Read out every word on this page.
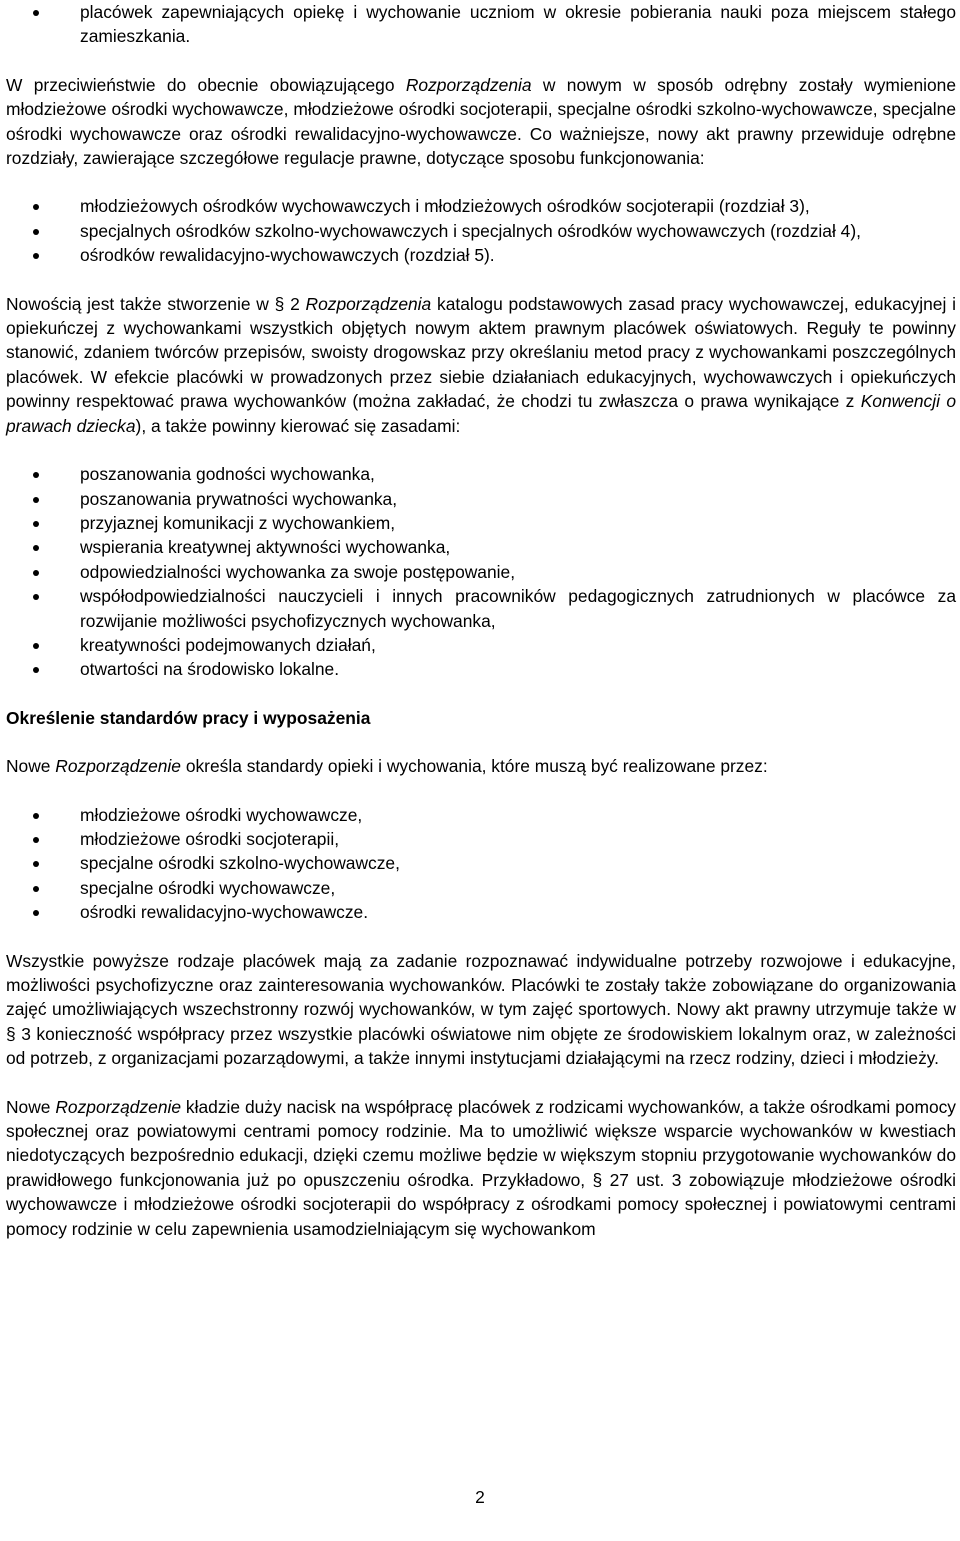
placówek zapewniających opiekę i wychowanie uczniom w okresie pobierania nauki poza miejscem stałego zamieszkania.

W przeciwieństwie do obecnie obowiązującego Rozporządzenia w nowym w sposób odrębny zostały wymienione młodzieżowe ośrodki wychowawcze, młodzieżowe ośrodki socjoterapii, specjalne ośrodki szkolno-wychowawcze, specjalne ośrodki wychowawcze oraz ośrodki rewalidacyjno-wychowawcze. Co ważniejsze, nowy akt prawny przewiduje odrębne rozdziały, zawierające szczegółowe regulacje prawne, dotyczące sposobu funkcjonowania:

młodzieżowych ośrodków wychowawczych i młodzieżowych ośrodków socjoterapii (rozdział 3),
specjalnych ośrodków szkolno-wychowawczych i specjalnych ośrodków wychowawczych (rozdział 4),
ośrodków rewalidacyjno-wychowawczych (rozdział 5).

Nowością jest także stworzenie w § 2 Rozporządzenia katalogu podstawowych zasad pracy wychowawczej, edukacyjnej i opiekuńczej z wychowankami wszystkich objętych nowym aktem prawnym placówek oświatowych. Reguły te powinny stanowić, zdaniem twórców przepisów, swoisty drogowskaz przy określaniu metod pracy z wychowankami poszczególnych placówek. W efekcie placówki w prowadzonych przez siebie działaniach edukacyjnych, wychowawczych i opiekuńczych powinny respektować prawa wychowanków (można zakładać, że chodzi tu zwłaszcza o prawa wynikające z Konwencji o prawach dziecka), a także powinny kierować się zasadami:

poszanowania godności wychowanka,
poszanowania prywatności wychowanka,
przyjaznej komunikacji z wychowankiem,
wspierania kreatywnej aktywności wychowanka,
odpowiedzialności wychowanka za swoje postępowanie,
współodpowiedzialności nauczycieli i innych pracowników pedagogicznych zatrudnionych w placówce za rozwijanie możliwości psychofizycznych wychowanka,
kreatywności podejmowanych działań,
otwartości na środowisko lokalne.

Określenie standardów pracy i wyposażenia

Nowe Rozporządzenie określa standardy opieki i wychowania, które muszą być realizowane przez:

młodzieżowe ośrodki wychowawcze,
młodzieżowe ośrodki socjoterapii,
specjalne ośrodki szkolno-wychowawcze,
specjalne ośrodki wychowawcze,
ośrodki rewalidacyjno-wychowawcze.

Wszystkie powyższe rodzaje placówek mają za zadanie rozpoznawać indywidualne potrzeby rozwojowe i edukacyjne, możliwości psychofizyczne oraz zainteresowania wychowanków. Placówki te zostały także zobowiązane do organizowania zajęć umożliwiających wszechstronny rozwój wychowanków, w tym zajęć sportowych. Nowy akt prawny utrzymuje także w § 3 konieczność współpracy przez wszystkie placówki oświatowe nim objęte ze środowiskiem lokalnym oraz, w zależności od potrzeb, z organizacjami pozarządowymi, a także innymi instytucjami działającymi na rzecz rodziny, dzieci i młodzieży.

Nowe Rozporządzenie kładzie duży nacisk na współpracę placówek z rodzicami wychowanków, a także ośrodkami pomocy społecznej oraz powiatowymi centrami pomocy rodzinie. Ma to umożliwić większe wsparcie wychowanków w kwestiach niedotyczących bezpośrednio edukacji, dzięki czemu możliwe będzie w większym stopniu przygotowanie wychowanków do prawidłowego funkcjonowania już po opuszczeniu ośrodka. Przykładowo, § 27 ust. 3 zobowiązuje młodzieżowe ośrodki wychowawcze i młodzieżowe ośrodki socjoterapii do współpracy z ośrodkami pomocy społecznej i powiatowymi centrami pomocy rodzinie w celu zapewnienia usamodzielniającym się wychowankom

2
